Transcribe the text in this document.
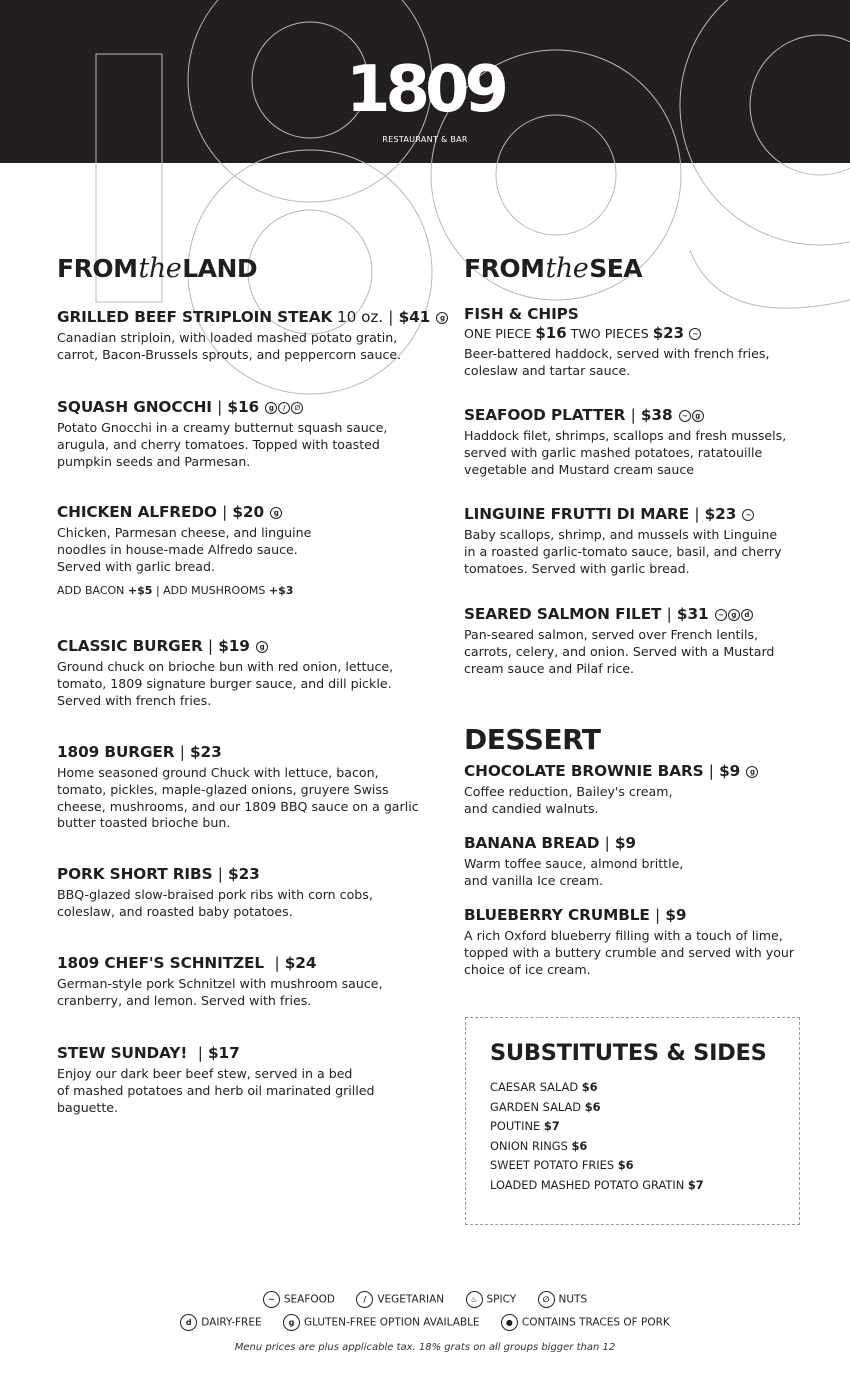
1809
RESTAURANT & BAR
FROMtheLAND
GRILLED BEEF STRIPLOIN STEAK 10 oz. | $41 g
Canadian striploin, with loaded mashed potato gratin,
carrot, Bacon-Brussels sprouts, and peppercorn sauce.
SQUASH GNOCCHI | $16 g / ∅
Potato Gnocchi in a creamy butternut squash sauce,
arugula, and cherry tomatoes. Topped with toasted
pumpkin seeds and Parmesan.
CHICKEN ALFREDO | $20 g
Chicken, Parmesan cheese, and linguine
noodles in house-made Alfredo sauce.
Served with garlic bread.
ADD BACON +$5 | ADD MUSHROOMS +$3
CLASSIC BURGER | $19 g
Ground chuck on brioche bun with red onion, lettuce,
tomato, 1809 signature burger sauce, and dill pickle.
Served with french fries.
1809 BURGER | $23
Home seasoned ground Chuck with lettuce, bacon,
tomato, pickles, maple-glazed onions, gruyere Swiss
cheese, mushrooms, and our 1809 BBQ sauce on a garlic
butter toasted brioche bun.
PORK SHORT RIBS | $23
BBQ-glazed slow-braised pork ribs with corn cobs,
coleslaw, and roasted baby potatoes.
1809 CHEF'S SCHNITZEL | $24
German-style pork Schnitzel with mushroom sauce,
cranberry, and lemon. Served with fries.
STEW SUNDAY! | $17
Enjoy our dark beer beef stew, served in a bed
of mashed potatoes and herb oil marinated grilled
baguette.
FROMtheSEA
FISH & CHIPS
ONE PIECE $16 TWO PIECES $23 ~
Beer-battered haddock, served with french fries,
coleslaw and tartar sauce.
SEAFOOD PLATTER | $38 ~ g
Haddock filet, shrimps, scallops and fresh mussels,
served with garlic mashed potatoes, ratatouille
vegetable and Mustard cream sauce
LINGUINE FRUTTI DI MARE | $23 ~
Baby scallops, shrimp, and mussels with Linguine
in a roasted garlic-tomato sauce, basil, and cherry
tomatoes. Served with garlic bread.
SEARED SALMON FILET | $31 ~ g d
Pan-seared salmon, served over French lentils,
carrots, celery, and onion. Served with a Mustard
cream sauce and Pilaf rice.
DESSERT
CHOCOLATE BROWNIE BARS | $9 g
Coffee reduction, Bailey's cream,
and candied walnuts.
BANANA BREAD | $9
Warm toffee sauce, almond brittle,
and vanilla Ice cream.
BLUEBERRY CRUMBLE | $9
A rich Oxford blueberry filling with a touch of lime,
topped with a buttery crumble and served with your
choice of ice cream.
SUBSTITUTES & SIDES
CAESAR SALAD $6
GARDEN SALAD $6
POUTINE $7
ONION RINGS $6
SWEET POTATO FRIES $6
LOADED MASHED POTATO GRATIN $7
~ SEAFOOD	/ VEGETARIAN	♨ SPICY	∅ NUTS
d DAIRY-FREE	g GLUTEN-FREE OPTION AVAILABLE	● CONTAINS TRACES OF PORK
Menu prices are plus applicable tax. 18% grats on all groups bigger than 12
